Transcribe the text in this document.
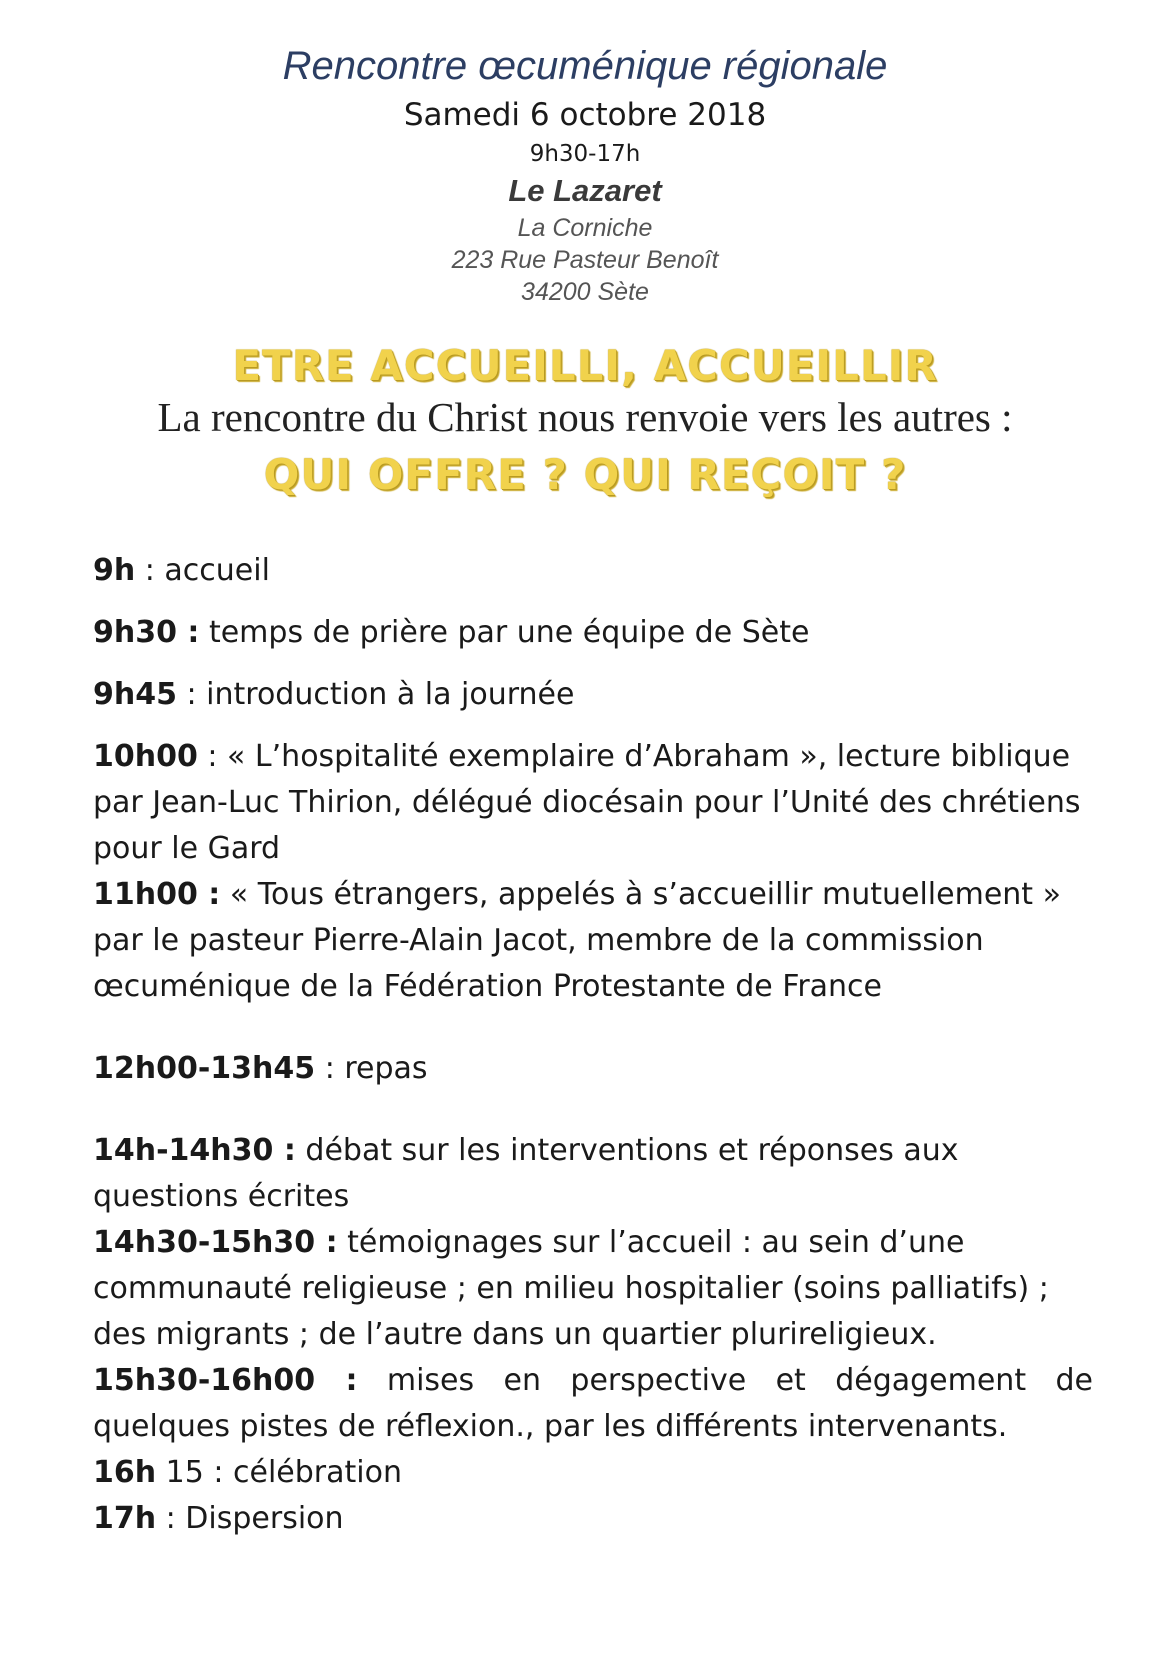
Rencontre œcuménique régionale
Samedi 6 octobre 2018
9h30-17h
Le Lazaret
La Corniche
223 Rue Pasteur Benoît
34200 Sète
ETRE ACCUEILLI, ACCUEILLIR
La rencontre du Christ nous renvoie vers les autres :
QUI OFFRE ? QUI REÇOIT ?

9h : accueil

9h30 : temps de prière par une équipe de Sète

9h45 : introduction à la journée

10h00 : « L’hospitalité exemplaire d’Abraham », lecture biblique par Jean-Luc Thirion, délégué diocésain pour l’Unité des chrétiens pour le Gard

11h00 : « Tous étrangers, appelés à s’accueillir mutuellement » par le pasteur Pierre-Alain Jacot, membre de la commission œcuménique de la Fédération Protestante de France

12h00-13h45 : repas

14h-14h30 : débat sur les interventions et réponses aux questions écrites

14h30-15h30 : témoignages sur l’accueil : au sein d’une communauté religieuse ; en milieu hospitalier (soins palliatifs) ; des migrants ; de l’autre dans un quartier plurireligieux.

15h30-16h00 : mises en perspective et dégagement de quelques pistes de réflexion., par les différents intervenants.

16h 15 : célébration

17h : Dispersion
